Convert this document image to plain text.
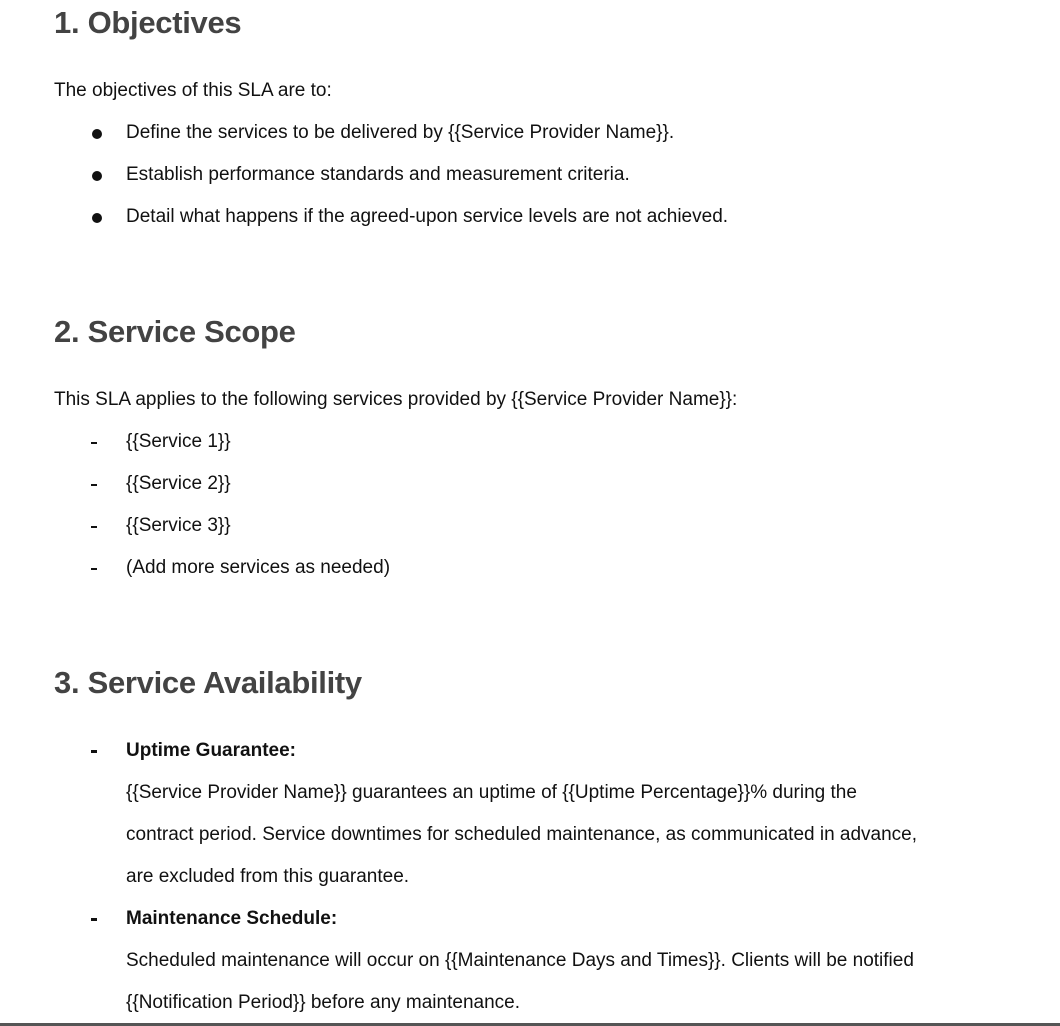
1. Objectives

The objectives of this SLA are to:

Define the services to be delivered by {{Service Provider Name}}.
Establish performance standards and measurement criteria.
Detail what happens if the agreed-upon service levels are not achieved.
2. Service Scope

This SLA applies to the following services provided by {{Service Provider Name}}:

{{Service 1}}
{{Service 2}}
{{Service 3}}
(Add more services as needed)
3. Service Availability
Uptime Guarantee:
{{Service Provider Name}} guarantees an uptime of {{Uptime Percentage}}% during the
contract period. Service downtimes for scheduled maintenance, as communicated in advance,
are excluded from this guarantee.
Maintenance Schedule:
Scheduled maintenance will occur on {{Maintenance Days and Times}}. Clients will be notified
{{Notification Period}} before any maintenance.
